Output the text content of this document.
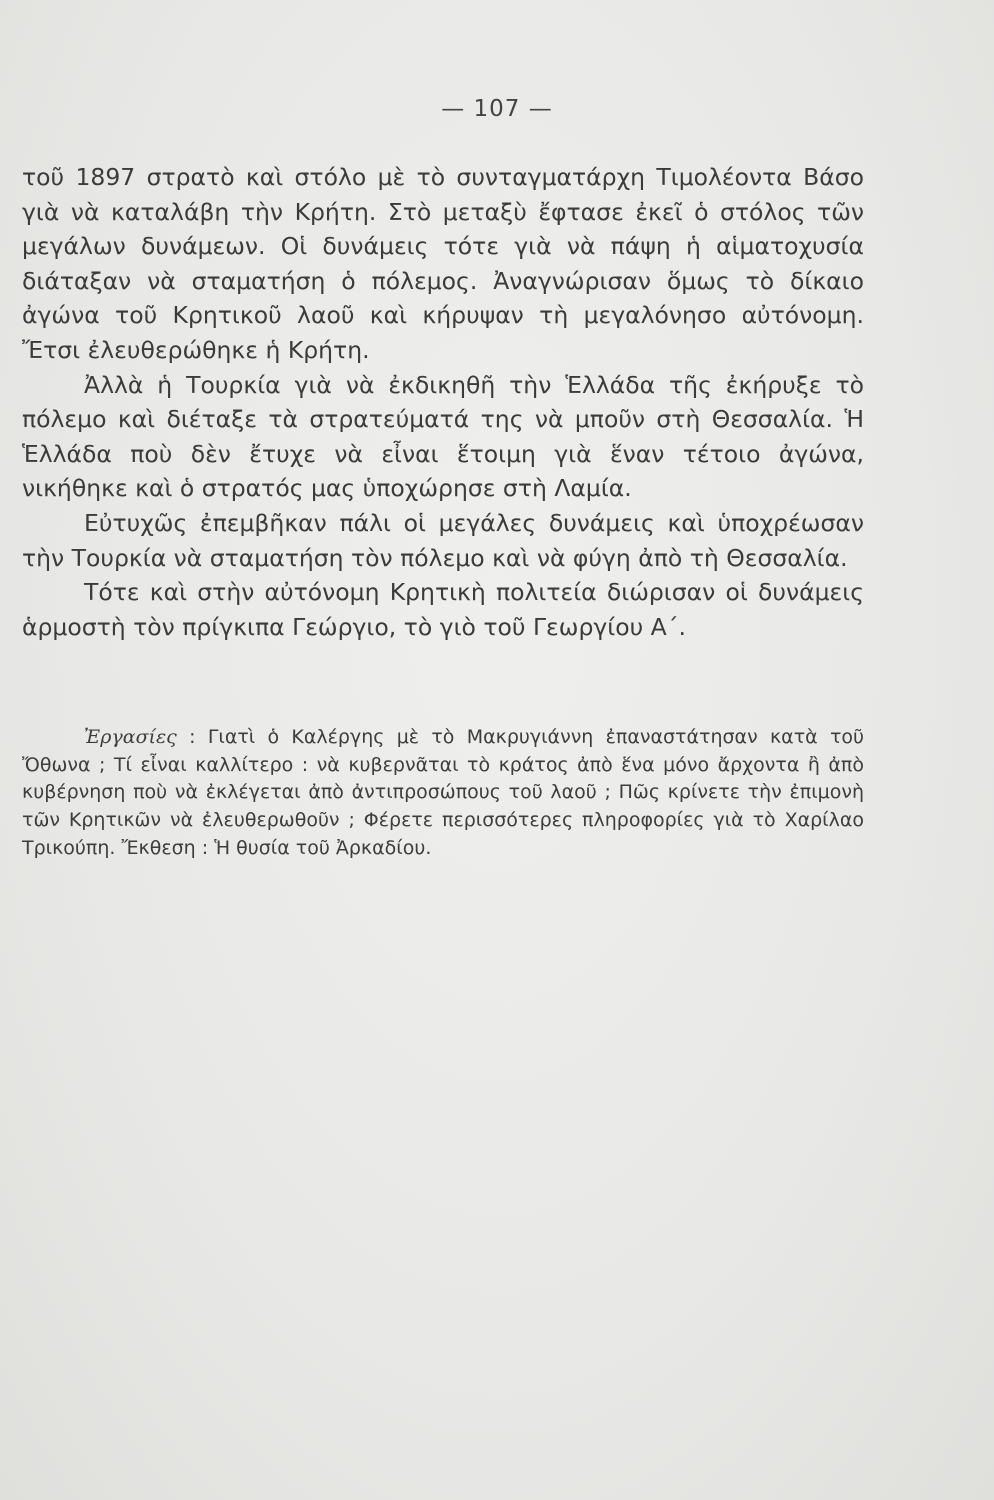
— 107 —

τοῦ 1897 στρατὸ καὶ στόλο μὲ τὸ συνταγματάρχη Τιμολέοντα Βάσο γιὰ νὰ καταλάβη τὴν Κρήτη. Στὸ μεταξὺ ἔφτασε ἐκεῖ ὁ στόλος τῶν μεγάλων δυνάμεων. Οἱ δυνάμεις τότε γιὰ νὰ πάψη ἡ αἱματοχυσία διάταξαν νὰ σταματήση ὁ πόλεμος. Ἀναγνώρισαν ὅμως τὸ δίκαιο ἀγώνα τοῦ Κρητικοῦ λαοῦ καὶ κήρυψαν τὴ μεγαλόνησο αὐτόνομη. Ἔτσι ἐλευθερώθηκε ἡ Κρήτη.

Ἀλλὰ ἡ Τουρκία γιὰ νὰ ἐκδικηθῆ τὴν Ἑλλάδα τῆς ἐκήρυξε τὸ πόλεμο καὶ διέταξε τὰ στρατεύματά της νὰ μποῦν στὴ Θεσσαλία. Ἡ Ἑλλάδα ποὺ δὲν ἔτυχε νὰ εἶναι ἕτοιμη γιὰ ἕναν τέτοιο ἀγώνα, νικήθηκε καὶ ὁ στρατός μας ὑποχώρησε στὴ Λαμία.

Εὐτυχῶς ἐπεμβῆκαν πάλι οἱ μεγάλες δυνάμεις καὶ ὑποχρέωσαν τὴν Τουρκία νὰ σταματήση τὸν πόλεμο καὶ νὰ φύγη ἀπὸ τὴ Θεσσαλία.

Τότε καὶ στὴν αὐτόνομη Κρητικὴ πολιτεία διώρισαν οἱ δυνάμεις ἁρμοστὴ τὸν πρίγκιπα Γεώργιο, τὸ γιὸ τοῦ Γεωργίου Α΄.

Ἐργασίες : Γιατὶ ὁ Καλέργης μὲ τὸ Μακρυγιάννη ἐπαναστάτησαν κατὰ τοῦ Ὄθωνα ; Τί εἶναι καλλίτερο : νὰ κυβερνᾶται τὸ κράτος ἀπὸ ἕνα μόνο ἄρχοντα ἢ ἀπὸ κυβέρνηση ποὺ νὰ ἐκλέγεται ἀπὸ ἀντιπροσώπους τοῦ λαοῦ ; Πῶς κρίνετε τὴν ἐπιμονὴ τῶν Κρητικῶν νὰ ἐλευθερωθοῦν ; Φέρετε περισσότερες πληροφορίες γιὰ τὸ Χαρίλαο Τρικούπη. Ἔκθεση : Ἡ θυσία τοῦ Ἀρκαδίου.
